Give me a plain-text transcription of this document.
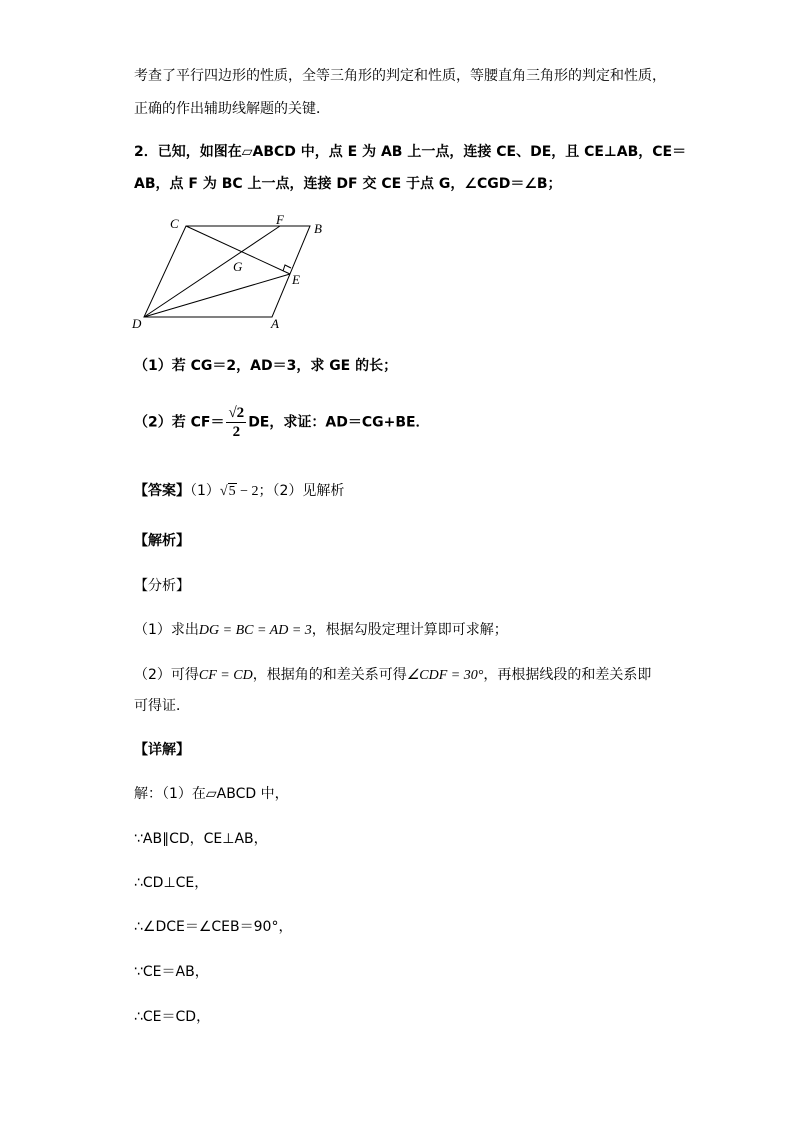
考查了平行四边形的性质，全等三角形的判定和性质，等腰直角三角形的判定和性质，
正确的作出辅助线解题的关键．
2．已知，如图在▱ABCD 中，点 E 为 AB 上一点，连接 CE、DE，且 CE⊥AB，CE＝
AB，点 F 为 BC 上一点，连接 DF 交 CE 于点 G，∠CGD＝∠B；
C	F
B
G
E
D	A
（1）若 CG＝2，AD＝3，求 GE 的长；
（2）若 $CF= \frac{√2}{2}$ DE，求证：AD＝CG+BE．
【答案】（1）√5 − 2；（2）见解析
【解析】
【分析】
（1）求出DG = BC = AD = 3，根据勾股定理计算即可求解；
（2）可得CF = CD，根据角的和差关系可得∠CDF = 30°，再根据线段的和差关系即
可得证．
【详解】
解：（1）在▱ABCD 中，
∵AB∥CD，CE⊥AB，
∴CD⊥CE，
∴∠DCE＝∠CEB＝90°，
∵CE＝AB，
∴CE＝CD，
